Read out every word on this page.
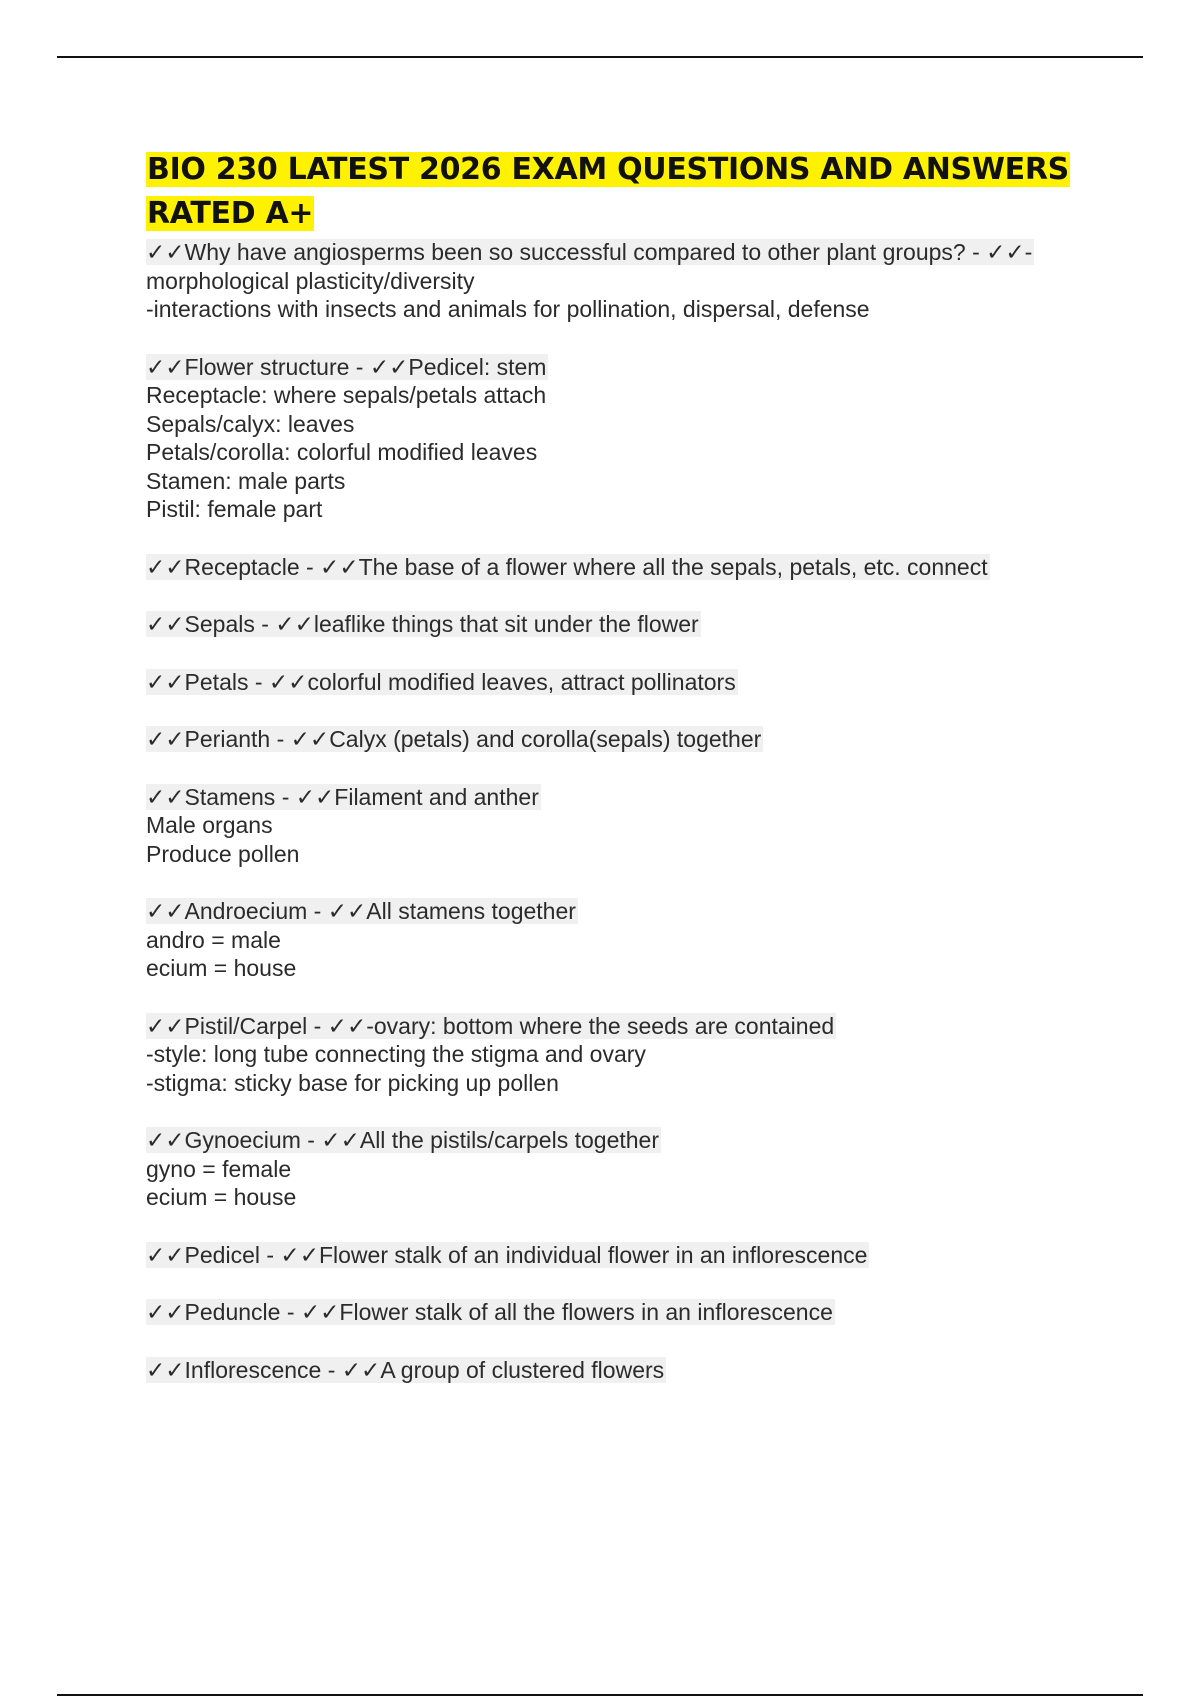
BIO 230 LATEST 2026 EXAM QUESTIONS AND ANSWERS RATED A+
✓✓Why have angiosperms been so successful compared to other plant groups? - ✓✓-
morphological plasticity/diversity
-interactions with insects and animals for pollination, dispersal, defense
✓✓Flower structure - ✓✓Pedicel: stem
Receptacle: where sepals/petals attach
Sepals/calyx: leaves
Petals/corolla: colorful modified leaves
Stamen: male parts
Pistil: female part
✓✓Receptacle - ✓✓The base of a flower where all the sepals, petals, etc. connect
✓✓Sepals - ✓✓leaflike things that sit under the flower
✓✓Petals - ✓✓colorful modified leaves, attract pollinators
✓✓Perianth - ✓✓Calyx (petals) and corolla(sepals) together
✓✓Stamens - ✓✓Filament and anther
Male organs
Produce pollen
✓✓Androecium - ✓✓All stamens together
andro = male
ecium = house
✓✓Pistil/Carpel - ✓✓-ovary: bottom where the seeds are contained
-style: long tube connecting the stigma and ovary
-stigma: sticky base for picking up pollen
✓✓Gynoecium - ✓✓All the pistils/carpels together
gyno = female
ecium = house
✓✓Pedicel - ✓✓Flower stalk of an individual flower in an inflorescence
✓✓Peduncle - ✓✓Flower stalk of all the flowers in an inflorescence
✓✓Inflorescence - ✓✓A group of clustered flowers
